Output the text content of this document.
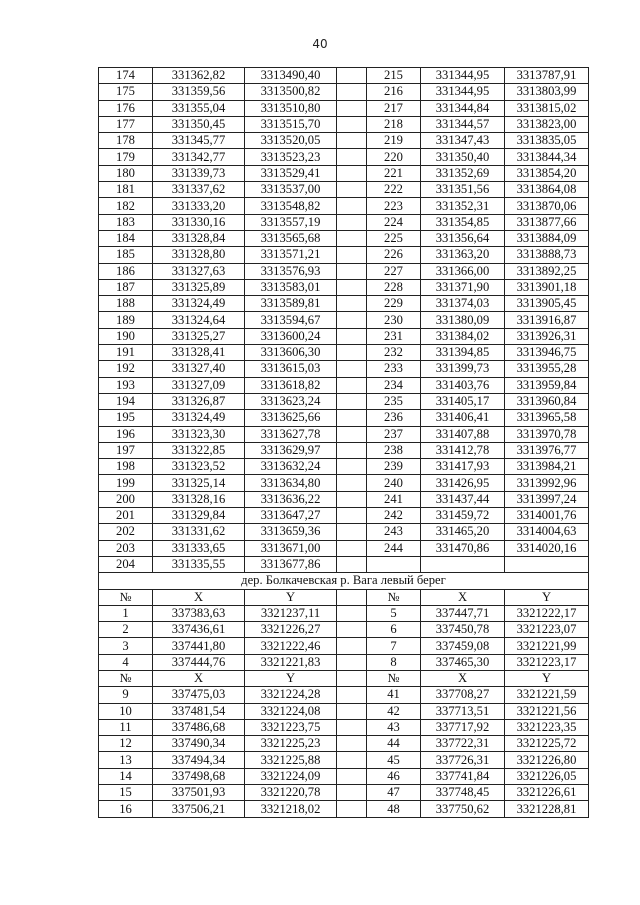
40
174	331362,82	3313490,40		215	331344,95	3313787,91
175	331359,56	3313500,82		216	331344,95	3313803,99
176	331355,04	3313510,80		217	331344,84	3313815,02
177	331350,45	3313515,70		218	331344,57	3313823,00
178	331345,77	3313520,05		219	331347,43	3313835,05
179	331342,77	3313523,23		220	331350,40	3313844,34
180	331339,73	3313529,41		221	331352,69	3313854,20
181	331337,62	3313537,00		222	331351,56	3313864,08
182	331333,20	3313548,82		223	331352,31	3313870,06
183	331330,16	3313557,19		224	331354,85	3313877,66
184	331328,84	3313565,68		225	331356,64	3313884,09
185	331328,80	3313571,21		226	331363,20	3313888,73
186	331327,63	3313576,93		227	331366,00	3313892,25
187	331325,89	3313583,01		228	331371,90	3313901,18
188	331324,49	3313589,81		229	331374,03	3313905,45
189	331324,64	3313594,67		230	331380,09	3313916,87
190	331325,27	3313600,24		231	331384,02	3313926,31
191	331328,41	3313606,30		232	331394,85	3313946,75
192	331327,40	3313615,03		233	331399,73	3313955,28
193	331327,09	3313618,82		234	331403,76	3313959,84
194	331326,87	3313623,24		235	331405,17	3313960,84
195	331324,49	3313625,66		236	331406,41	3313965,58
196	331323,30	3313627,78		237	331407,88	3313970,78
197	331322,85	3313629,97		238	331412,78	3313976,77
198	331323,52	3313632,24		239	331417,93	3313984,21
199	331325,14	3313634,80		240	331426,95	3313992,96
200	331328,16	3313636,22		241	331437,44	3313997,24
201	331329,84	3313647,27		242	331459,72	3314001,76
202	331331,62	3313659,36		243	331465,20	3314004,63
203	331333,65	3313671,00		244	331470,86	3314020,16
204	331335,55	3313677,86				
дер. Болкачевская р. Вага левый берег						
№	X	Y		№	X	Y
1	337383,63	3321237,11		5	337447,71	3321222,17
2	337436,61	3321226,27		6	337450,78	3321223,07
3	337441,80	3321222,46		7	337459,08	3321221,99
4	337444,76	3321221,83		8	337465,30	3321223,17
№	X	Y		№	X	Y
9	337475,03	3321224,28		41	337708,27	3321221,59
10	337481,54	3321224,08		42	337713,51	3321221,56
11	337486,68	3321223,75		43	337717,92	3321223,35
12	337490,34	3321225,23		44	337722,31	3321225,72
13	337494,34	3321225,88		45	337726,31	3321226,80
14	337498,68	3321224,09		46	337741,84	3321226,05
15	337501,93	3321220,78		47	337748,45	3321226,61
16	337506,21	3321218,02		48	337750,62	3321228,81
